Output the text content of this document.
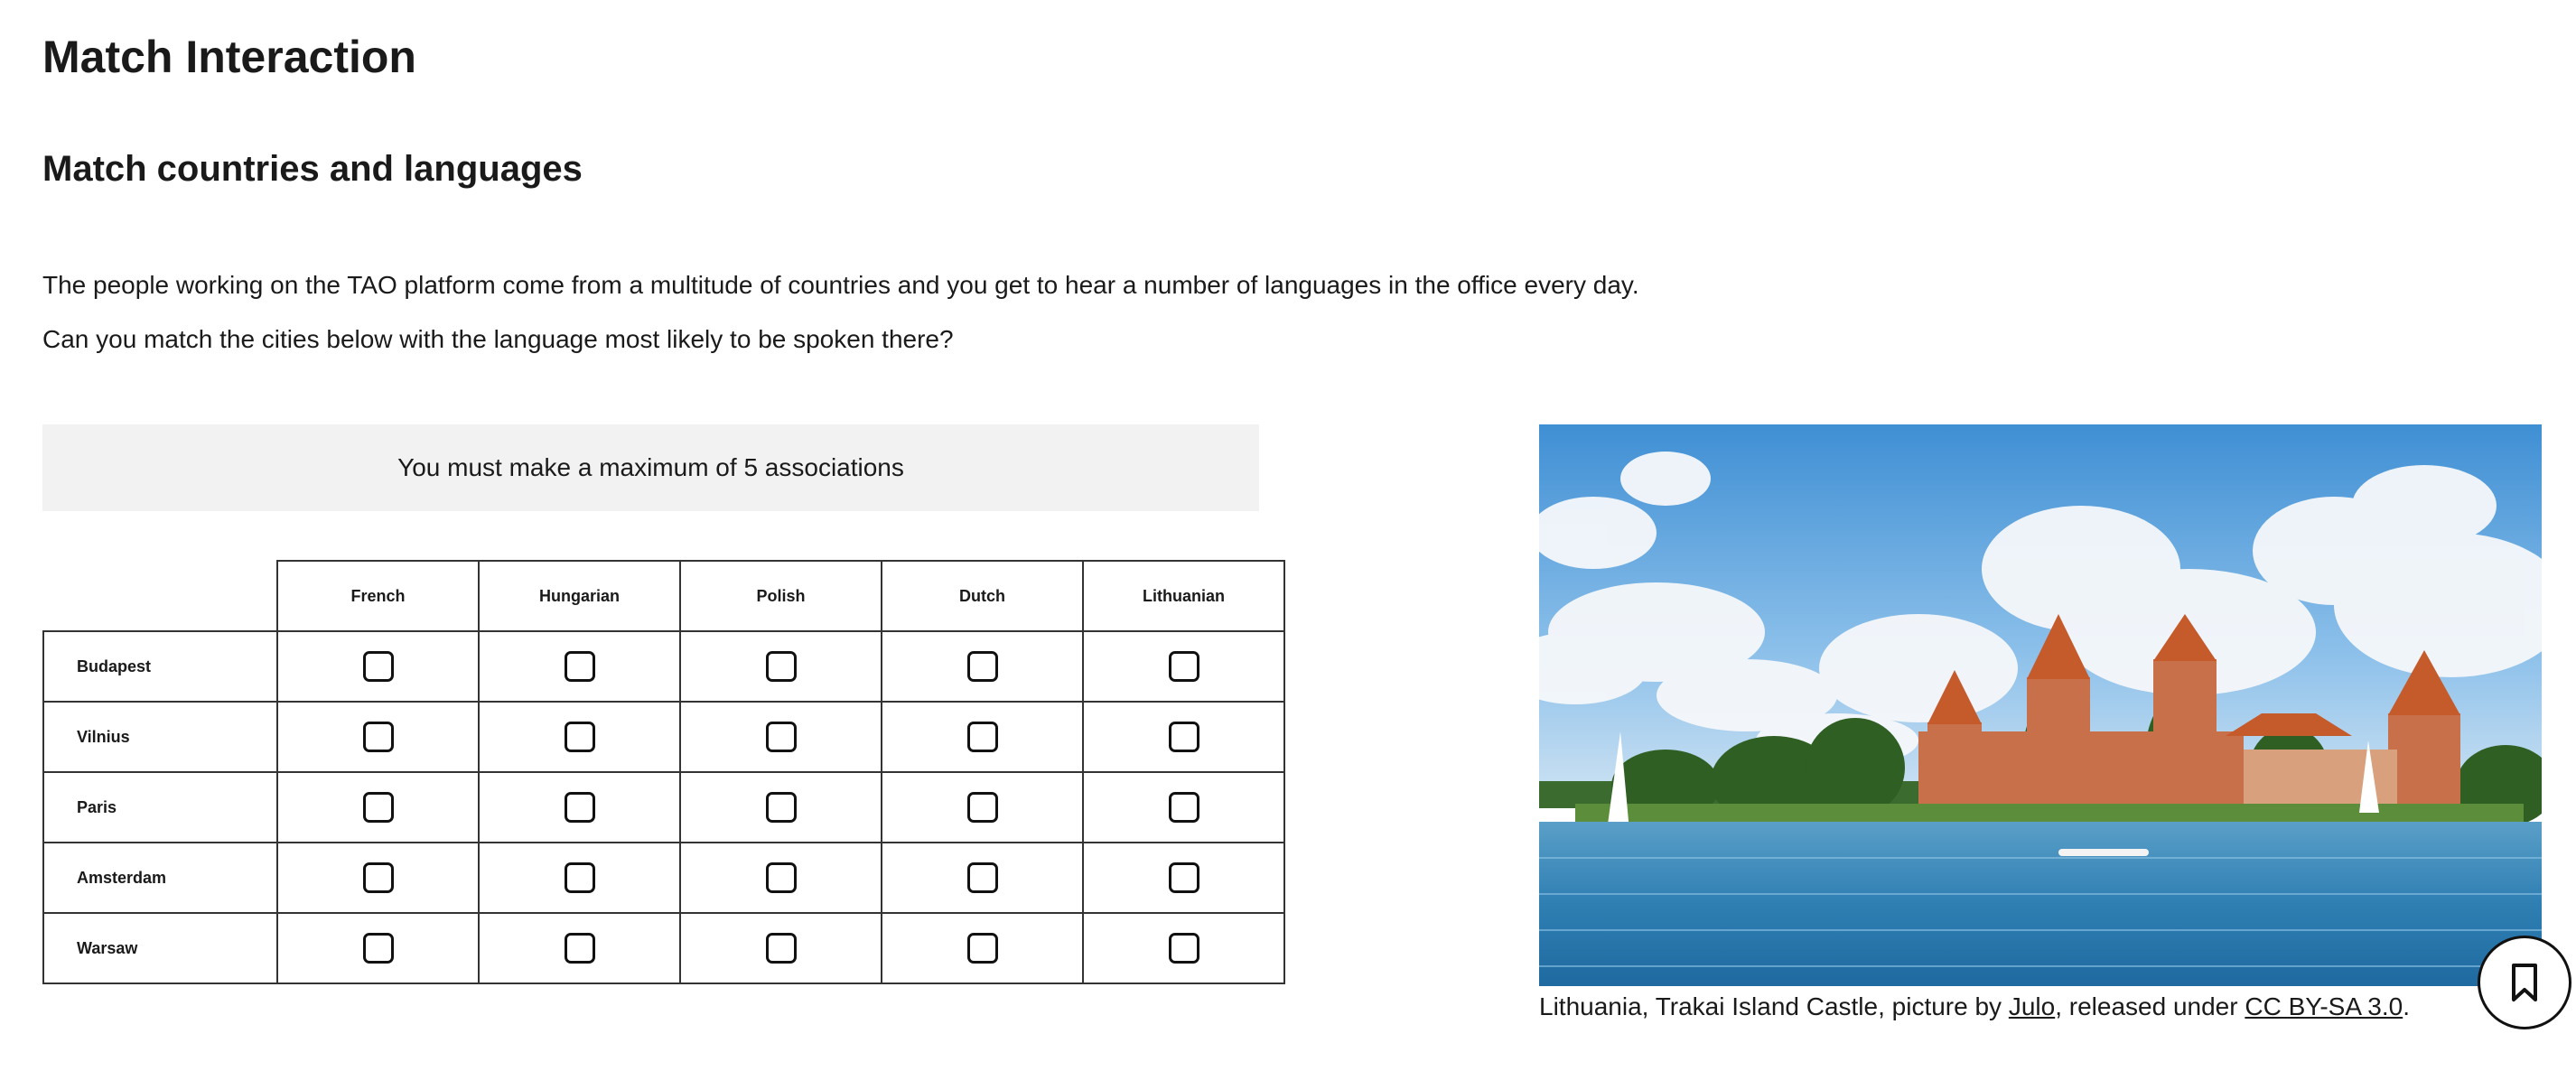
Match Interaction
Match countries and languages

The people working on the TAO platform come from a multitude of countries and you get to hear a number of languages in the office every day.

Can you match the cities below with the language most likely to be spoken there?

You must make a maximum of 5 associations
	French	Hungarian	Polish	Dutch	Lithuanian
Budapest					
Vilnius					
Paris					
Amsterdam					
Warsaw					
Lithuania, Trakai Island Castle, picture by Julo, released under CC BY-SA 3.0.
